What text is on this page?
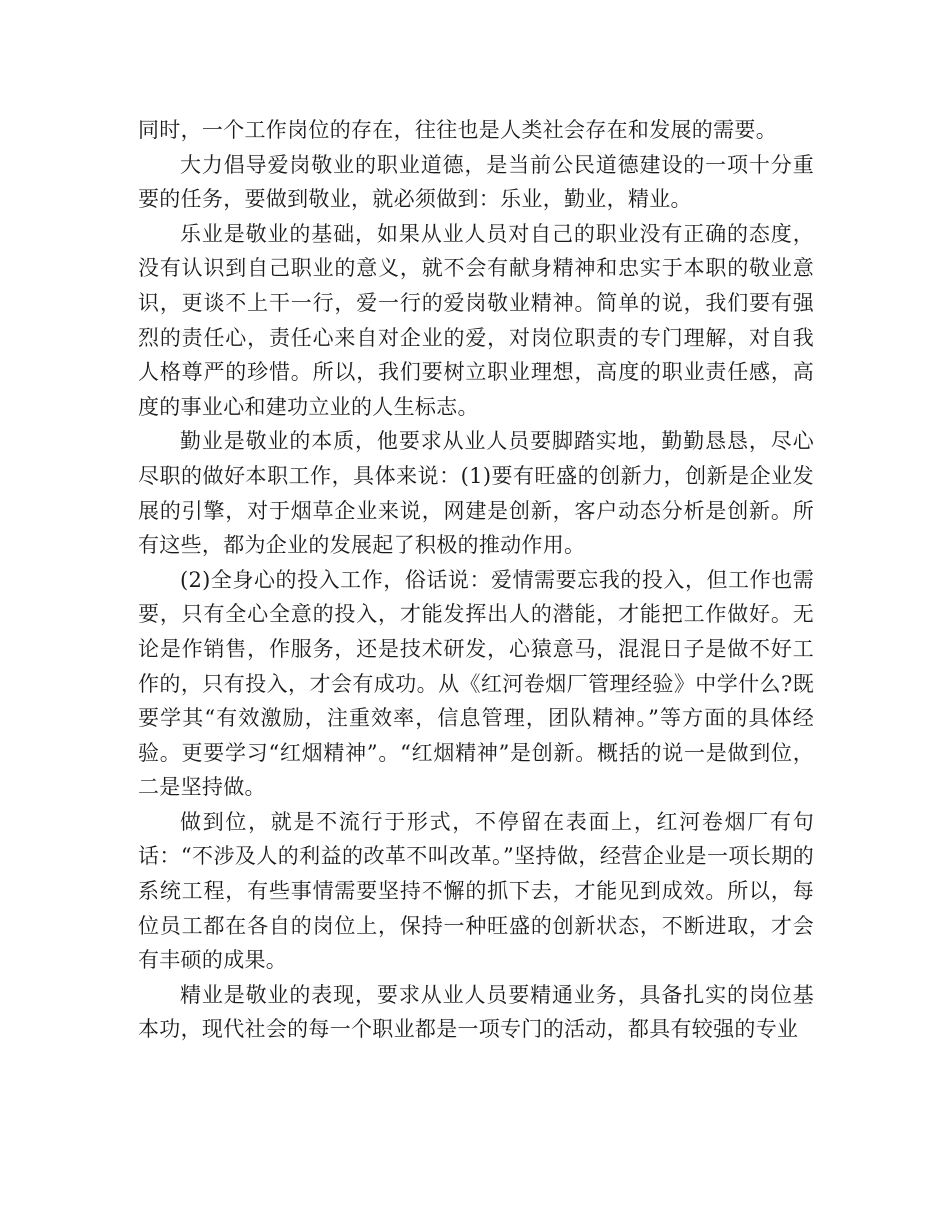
同时，一个工作岗位的存在，往往也是人类社会存在和发展的需要。

大力倡导爱岗敬业的职业道德，是当前公民道德建设的一项十分重要的任务，要做到敬业，就必须做到：乐业，勤业，精业。

乐业是敬业的基础，如果从业人员对自己的职业没有正确的态度，没有认识到自己职业的意义，就不会有献身精神和忠实于本职的敬业意识，更谈不上干一行，爱一行的爱岗敬业精神。简单的说，我们要有强烈的责任心，责任心来自对企业的爱，对岗位职责的专门理解，对自我人格尊严的珍惜。所以，我们要树立职业理想，高度的职业责任感，高度的事业心和建功立业的人生标志。

勤业是敬业的本质，他要求从业人员要脚踏实地，勤勤恳恳，尽心尽职的做好本职工作，具体来说：(1)要有旺盛的创新力，创新是企业发展的引擎，对于烟草企业来说，网建是创新，客户动态分析是创新。所有这些，都为企业的发展起了积极的推动作用。

(2)全身心的投入工作，俗话说：爱情需要忘我的投入，但工作也需要，只有全心全意的投入，才能发挥出人的潜能，才能把工作做好。无论是作销售，作服务，还是技术研发，心猿意马，混混日子是做不好工作的，只有投入，才会有成功。从《红河卷烟厂管理经验》中学什么?既要学其“有效激励，注重效率，信息管理，团队精神。”等方面的具体经验。更要学习“红烟精神”。“红烟精神”是创新。概括的说一是做到位，二是坚持做。

做到位，就是不流行于形式，不停留在表面上，红河卷烟厂有句话：“不涉及人的利益的改革不叫改革。”坚持做，经营企业是一项长期的系统工程，有些事情需要坚持不懈的抓下去，才能见到成效。所以，每位员工都在各自的岗位上，保持一种旺盛的创新状态，不断进取，才会有丰硕的成果。

精业是敬业的表现，要求从业人员要精通业务，具备扎实的岗位基本功，现代社会的每一个职业都是一项专门的活动，都具有较强的专业
